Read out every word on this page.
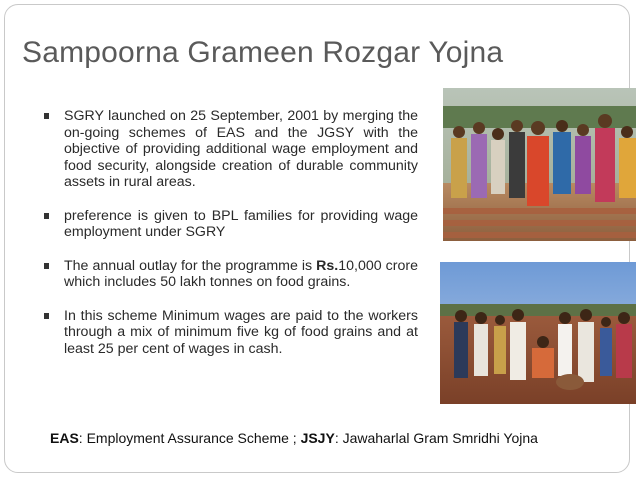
Sampoorna Grameen Rozgar Yojna
SGRY launched on 25 September, 2001 by merging the on-going schemes of EAS and the JGSY with the objective of providing additional wage employment and food security, alongside creation of durable community assets in rural areas.
preference is given to BPL families for providing wage employment under SGRY
The annual outlay for the programme is Rs.10,000 crore which includes 50 lakh tonnes on food grains.
In this scheme Minimum wages are paid to the workers through a mix of minimum five kg of food grains and at least 25 per cent of wages in cash.
EAS: Employment Assurance Scheme ; JSJY: Jawaharlal Gram Smridhi Yojna
